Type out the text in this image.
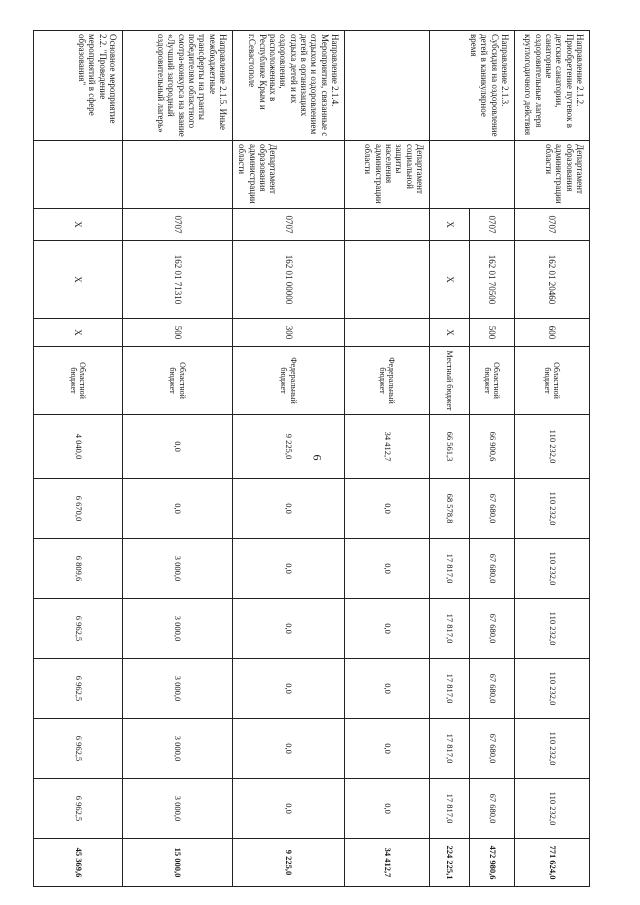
6
Направление 2.1.2. Приобретение путевок в детские санатории, санаторные оздоровительные лагеря круглогодичного действия	Департамент образования администрации области	0707	162 01 20460	600	Областной бюджет	110 232,0	110 232,0	110 232,0	110 232,0	110 232,0	110 232,0	110 232,0	771 624,0
Направление 2.1.3. Субсидия на оздоровление детей в каникулярное время		0707	162 01 70500	500	Областной бюджет	66 900,6	67 680,0	67 680,0	67 680,0	67 680,0	67 680,0	67 680,0	472 980,6
		X	X	X	Местный бюджет	66 561,3	68 578,8	17 817,0	17 817,0	17 817,0	17 817,0	17 817,0	224 225,1
	Департамент социальной защиты населения администрации области				Федеральный бюджет	34 412,7	0,0	0,0	0,0	0,0	0,0	0,0	34 412,7
Направление 2.1.4. Мероприятия, связанные с отдыхом и оздоровлением детей в организациях отдыха детей и их оздоровления, расположенных в Республике Крым и г.Севастополе	Департамент образования администрации области	0707	162 01 00000	300	Федеральный бюджет	9 225,0	0,0	0,0	0,0	0,0	0,0	0,0	9 225,0
Направление 2.1.5. Иные межбюджетные трансферты на гранты победителям областного смотра-конкурса на звание «Лучший загородный оздоровительный лагерь»		0707	162 01 71310	500	Областной бюджет	0,0	0,0	3 000,0	3 000,0	3 000,0	3 000,0	3 000,0	15 000,0
Основное мероприятие 2.2. "Проведение мероприятий в сфере образования"		X	X	X	Областной бюджет	4 040,0	6 670,0	6 809,6	6 962,5	6 962,5	6 962,5	6 962,5	45 369,6
